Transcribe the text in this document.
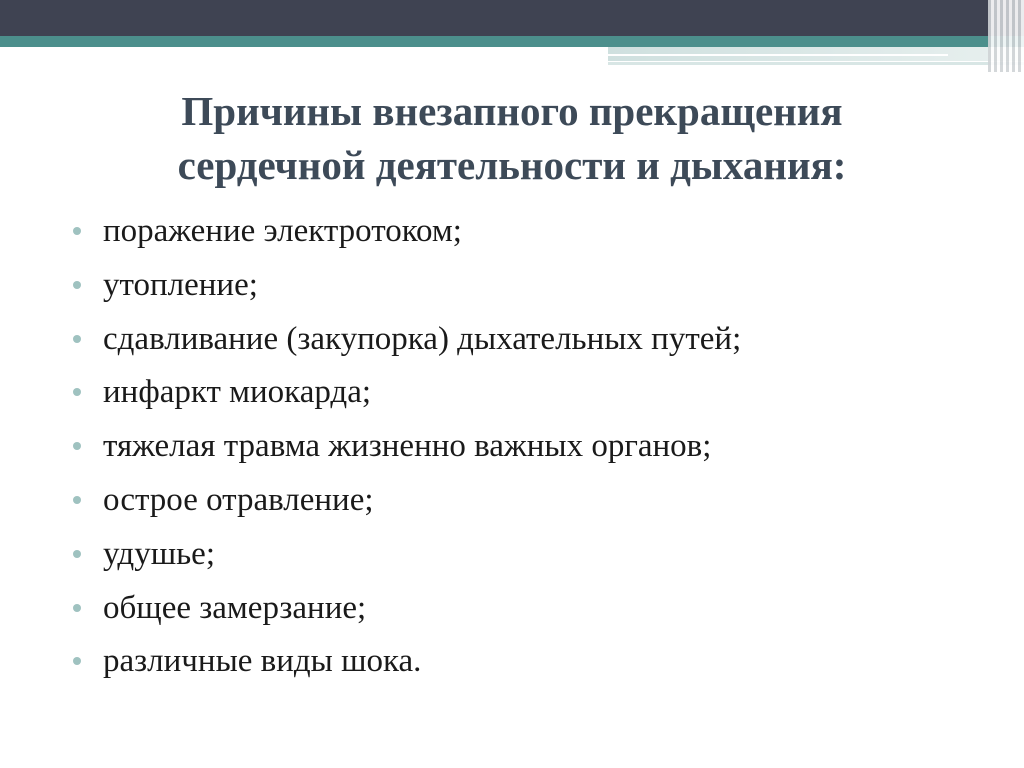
Причины внезапного прекращения
сердечной деятельности и дыхания:
поражение электротоком;
утопление;
сдавливание (закупорка) дыхательных путей;
инфаркт миокарда;
тяжелая травма жизненно важных органов;
острое отравление;
удушье;
общее замерзание;
различные виды шока.
